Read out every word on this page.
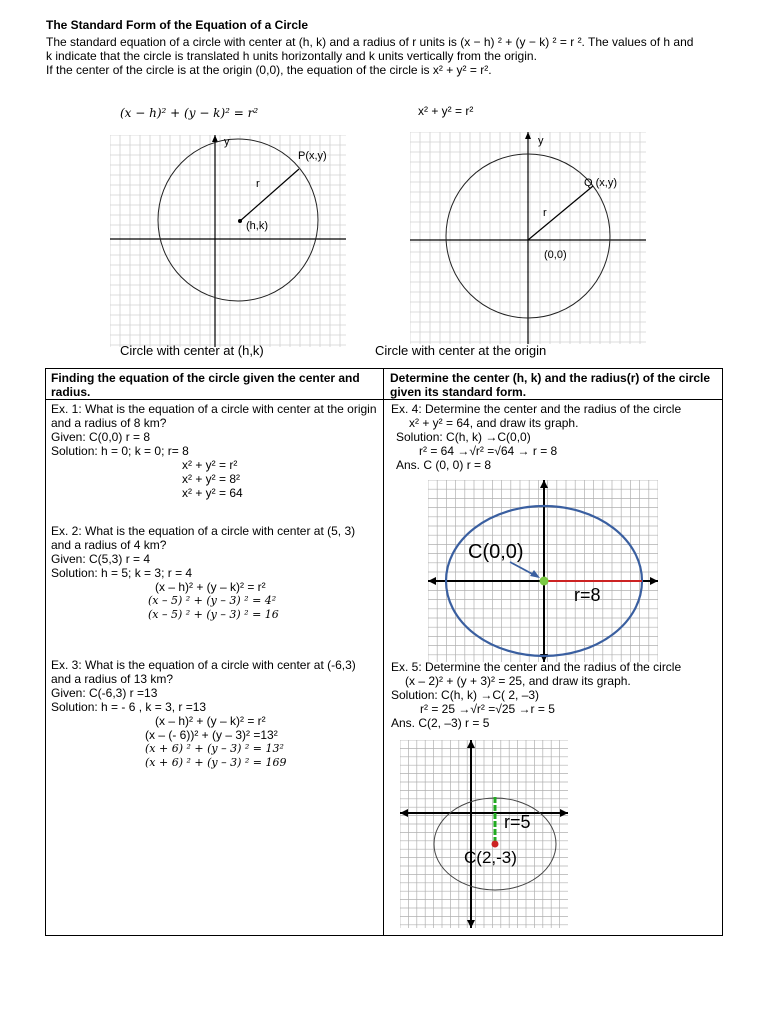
The Standard Form of the Equation of a Circle

The standard equation of a circle with center at (h, k) and a radius of r units is (x − h) ² + (y − k) ² = r ². The values of h and

k indicate that the circle is translated h units horizontally and k units vertically from the origin.

If the center of the circle is at the origin (0,0), the equation of the circle is x² + y² = r².

(x − h)² + (y − k)² = r²
y
P(x,y)
r
(h,k)
Circle with center at (h,k)
x² + y² = r²
y
Q (x,y)
r
(0,0)
Circle with center at the origin
Finding the equation of the circle given the center and radius.
Determine the center (h, k) and the radius(r) of the circle given its standard form.

Ex. 1: What is the equation of a circle with center at the origin

and a radius of 8 km?

Given: C(0,0) r = 8

Solution: h = 0; k = 0; r= 8

x² + y² = r²

x² + y² = 8²

x² + y² = 64

Ex. 2: What is the equation of a circle with center at (5, 3)

and a radius of 4 km?

Given: C(5,3) r = 4

Solution: h = 5; k = 3; r = 4

(x – h)² + (y – k)² = r²

(x – 5) ² + (y – 3) ² = 4²

(x – 5) ² + (y – 3) ² = 16

Ex. 3: What is the equation of a circle with center at (-6,3)

and a radius of 13 km?

Given: C(-6,3) r =13

Solution: h = - 6 , k = 3, r =13

(x – h)² + (y – k)² = r²

(x – (- 6))² + (y – 3)² =13²

(x + 6) ² + (y – 3) ² = 13²

(x + 6) ² + (y – 3) ² = 169

Ex. 4: Determine the center and the radius of the circle

x² + y² = 64, and draw its graph.

Solution: C(h, k) →C(0,0)

r² = 64 →√r² =√64 → r = 8

Ans. C (0, 0) r = 8

C(0,0)
r=8

Ex. 5: Determine the center and the radius of the circle

(x – 2)² + (y + 3)² = 25, and draw its graph.

Solution: C(h, k) →C( 2, –3)

r² = 25 →√r² =√25 →r = 5

Ans. C(2, –3) r = 5

r=5
C(2,-3)
